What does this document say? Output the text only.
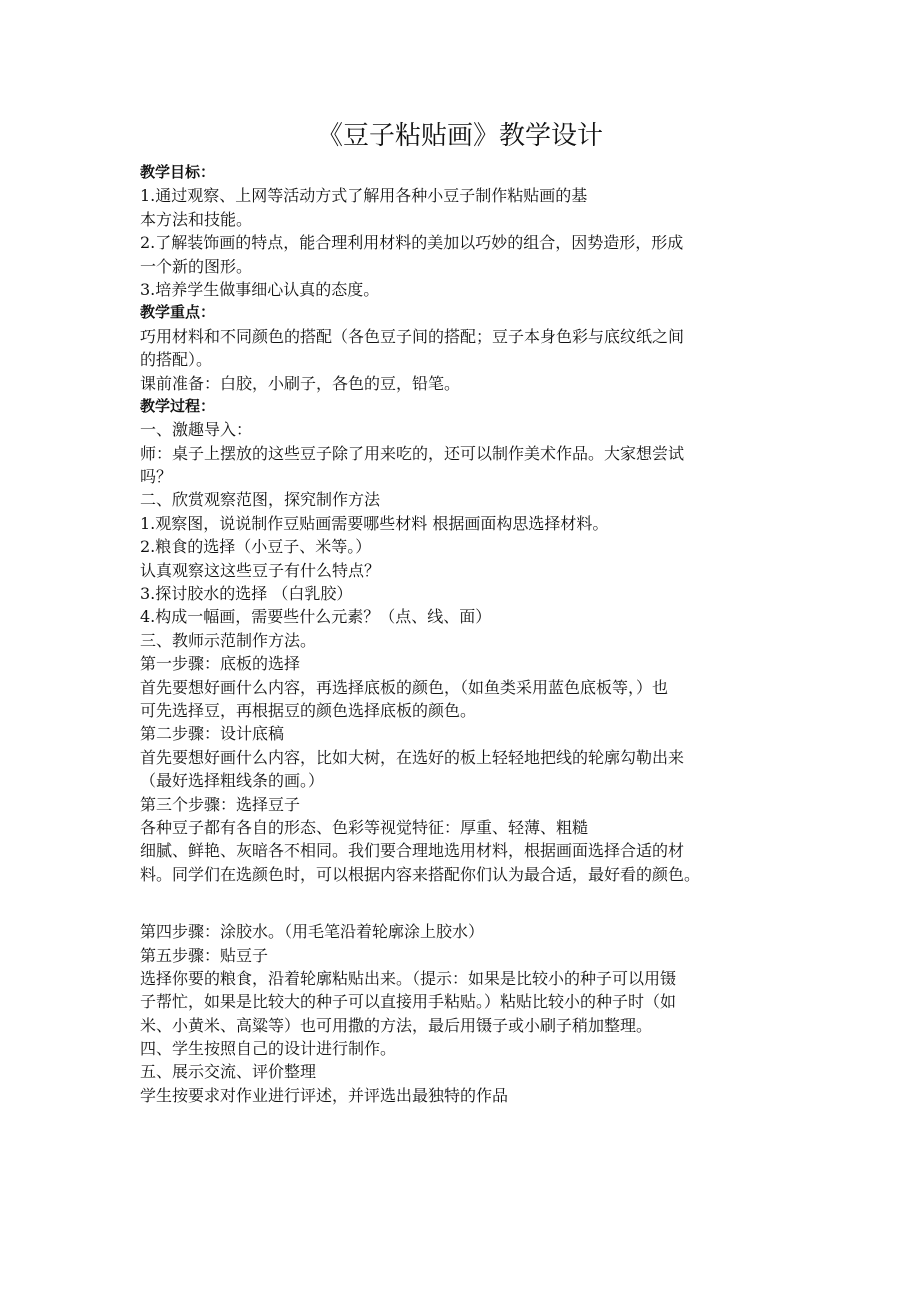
《豆子粘贴画》教学设计
教学目标：
1.通过观察、上网等活动方式了解用各种小豆子制作粘贴画的基
本方法和技能。
2.了解装饰画的特点，能合理利用材料的美加以巧妙的组合，因势造形，形成
一个新的图形。
3.培养学生做事细心认真的态度。
教学重点：
巧用材料和不同颜色的搭配（各色豆子间的搭配；豆子本身色彩与底纹纸之间
的搭配）。
课前准备：白胶，小刷子，各色的豆，铅笔。
教学过程：
一、激趣导入：
师：桌子上摆放的这些豆子除了用来吃的，还可以制作美术作品。大家想尝试
吗？
二、欣赏观察范图，探究制作方法
1.观察图，说说制作豆贴画需要哪些材料 根据画面构思选择材料。
2.粮食的选择（小豆子、米等。）
认真观察这这些豆子有什么特点？
3.探讨胶水的选择 （白乳胶）
4.构成一幅画，需要些什么元素？（点、线、面）
三、教师示范制作方法。
第一步骤：底板的选择
首先要想好画什么内容，再选择底板的颜色，（如鱼类采用蓝色底板等，）也
可先选择豆，再根据豆的颜色选择底板的颜色。
第二步骤：设计底稿
首先要想好画什么内容，比如大树，在选好的板上轻轻地把线的轮廓勾勒出来
（最好选择粗线条的画。）
第三个步骤：选择豆子
各种豆子都有各自的形态、色彩等视觉特征：厚重、轻薄、粗糙
细腻、鲜艳、灰暗各不相同。我们要合理地选用材料，根据画面选择合适的材
料。同学们在选颜色时，可以根据内容来搭配你们认为最合适，最好看的颜色。
第四步骤：涂胶水。（用毛笔沿着轮廓涂上胶水）
第五步骤：贴豆子
选择你要的粮食，沿着轮廓粘贴出来。（提示：如果是比较小的种子可以用镊
子帮忙，如果是比较大的种子可以直接用手粘贴。）粘贴比较小的种子时（如
米、小黄米、高粱等）也可用撒的方法，最后用镊子或小刷子稍加整理。
四、学生按照自己的设计进行制作。
五、展示交流、评价整理
学生按要求对作业进行评述，并评选出最独特的作品
